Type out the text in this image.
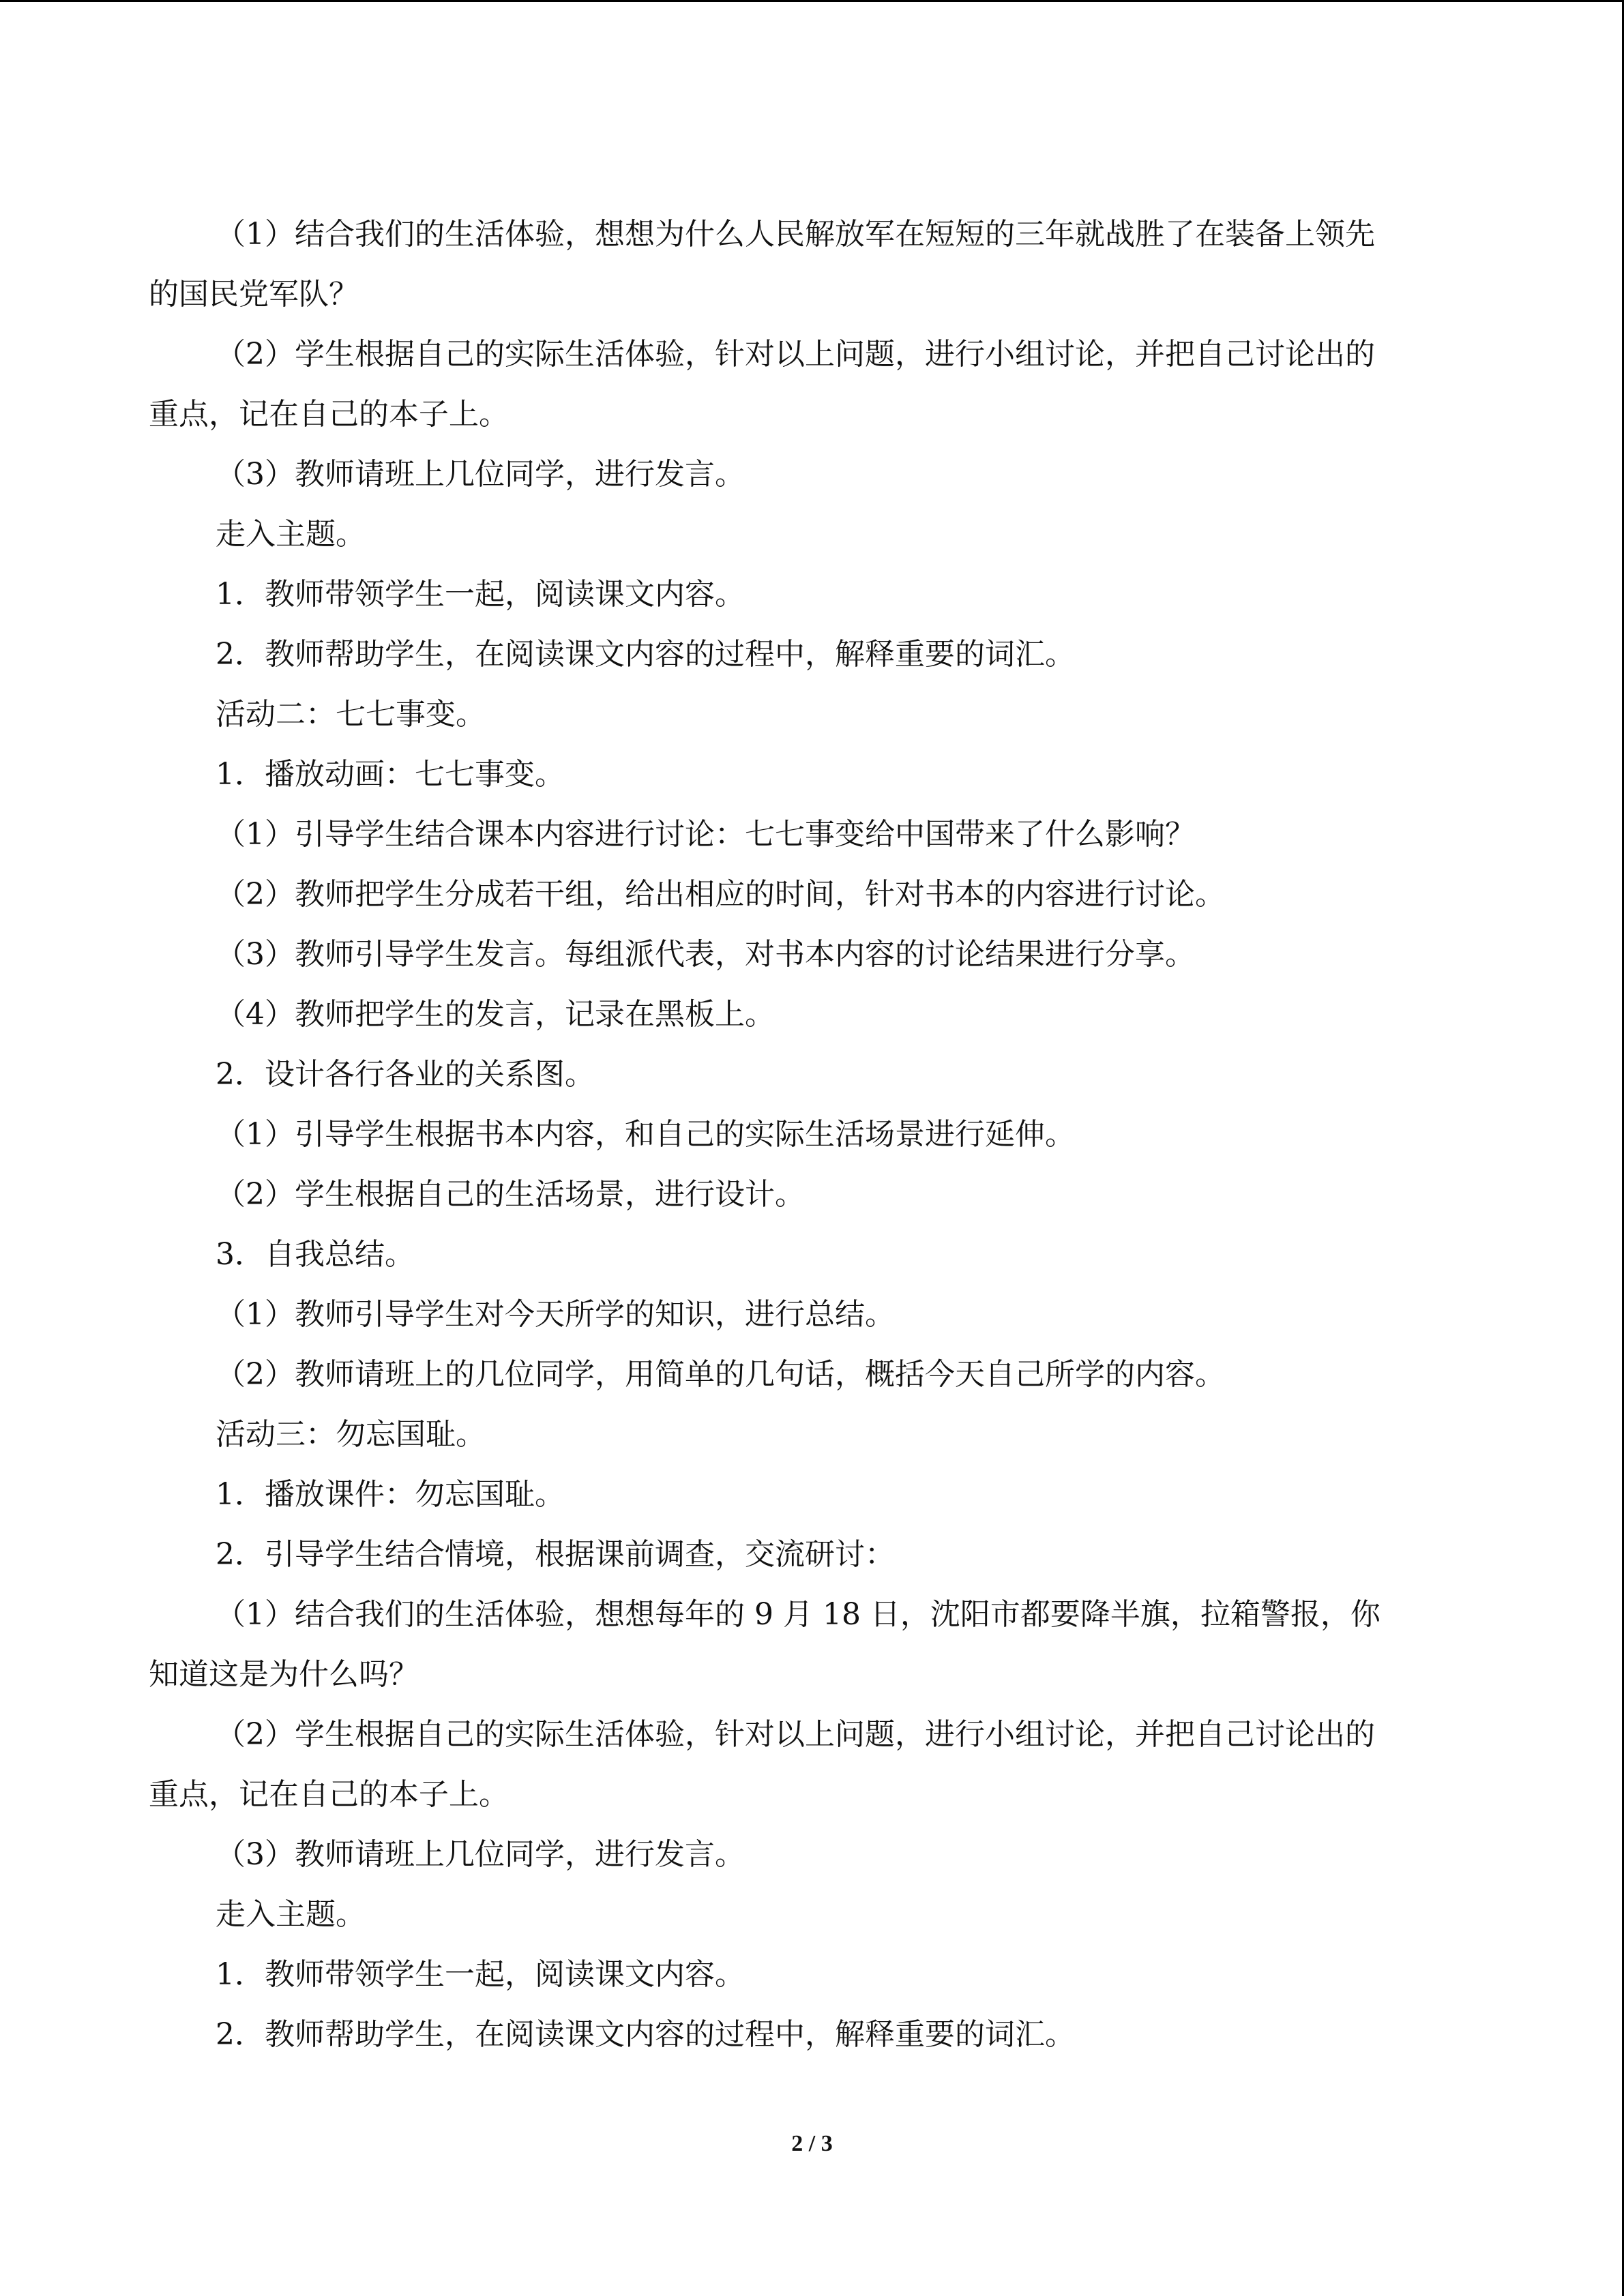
（1）结合我们的生活体验，想想为什么人民解放军在短短的三年就战胜了在装备上领先
的国民党军队？
（2）学生根据自己的实际生活体验，针对以上问题，进行小组讨论，并把自己讨论出的
重点，记在自己的本子上。
（3）教师请班上几位同学，进行发言。
走入主题。
1．教师带领学生一起，阅读课文内容。
2．教师帮助学生，在阅读课文内容的过程中，解释重要的词汇。
活动二：七七事变。
1．播放动画：七七事变。
（1）引导学生结合课本内容进行讨论：七七事变给中国带来了什么影响？
（2）教师把学生分成若干组，给出相应的时间，针对书本的内容进行讨论。
（3）教师引导学生发言。每组派代表，对书本内容的讨论结果进行分享。
（4）教师把学生的发言，记录在黑板上。
2．设计各行各业的关系图。
（1）引导学生根据书本内容，和自己的实际生活场景进行延伸。
（2）学生根据自己的生活场景，进行设计。
3．自我总结。
（1）教师引导学生对今天所学的知识，进行总结。
（2）教师请班上的几位同学，用简单的几句话，概括今天自己所学的内容。
活动三：勿忘国耻。
1．播放课件：勿忘国耻。
2．引导学生结合情境，根据课前调查，交流研讨：
（1）结合我们的生活体验，想想每年的 9 月 18 日，沈阳市都要降半旗，拉箱警报，你
知道这是为什么吗？
（2）学生根据自己的实际生活体验，针对以上问题，进行小组讨论，并把自己讨论出的
重点，记在自己的本子上。
（3）教师请班上几位同学，进行发言。
走入主题。
1．教师带领学生一起，阅读课文内容。
2．教师帮助学生，在阅读课文内容的过程中，解释重要的词汇。
2 / 3
